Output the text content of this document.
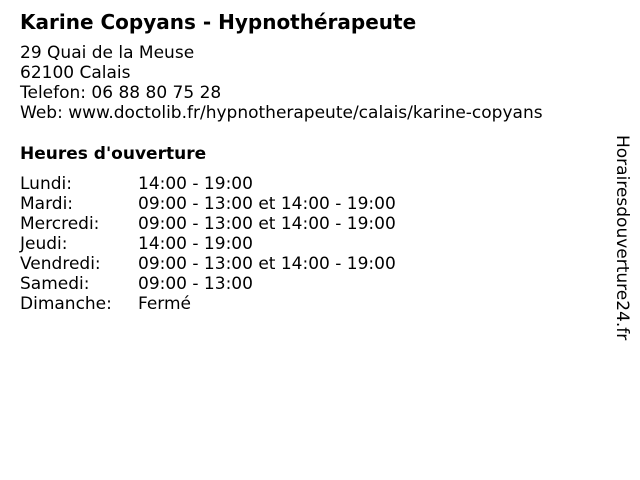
Karine Copyans - Hypnothérapeute
29 Quai de la Meuse
62100 Calais
Telefon: 06 88 80 75 28
Web: www.doctolib.fr/hypnotherapeute/calais/karine-copyans
Heures d'ouverture
Lundi:	14:00 - 19:00
Mardi:	09:00 - 13:00 et 14:00 - 19:00
Mercredi: 09:00 - 13:00 et 14:00 - 19:00
Jeudi:	14:00 - 19:00
Vendredi: 09:00 - 13:00 et 14:00 - 19:00
Samedi:	09:00 - 13:00
Dimanche: Fermé	Horairesdouverture24.fr
